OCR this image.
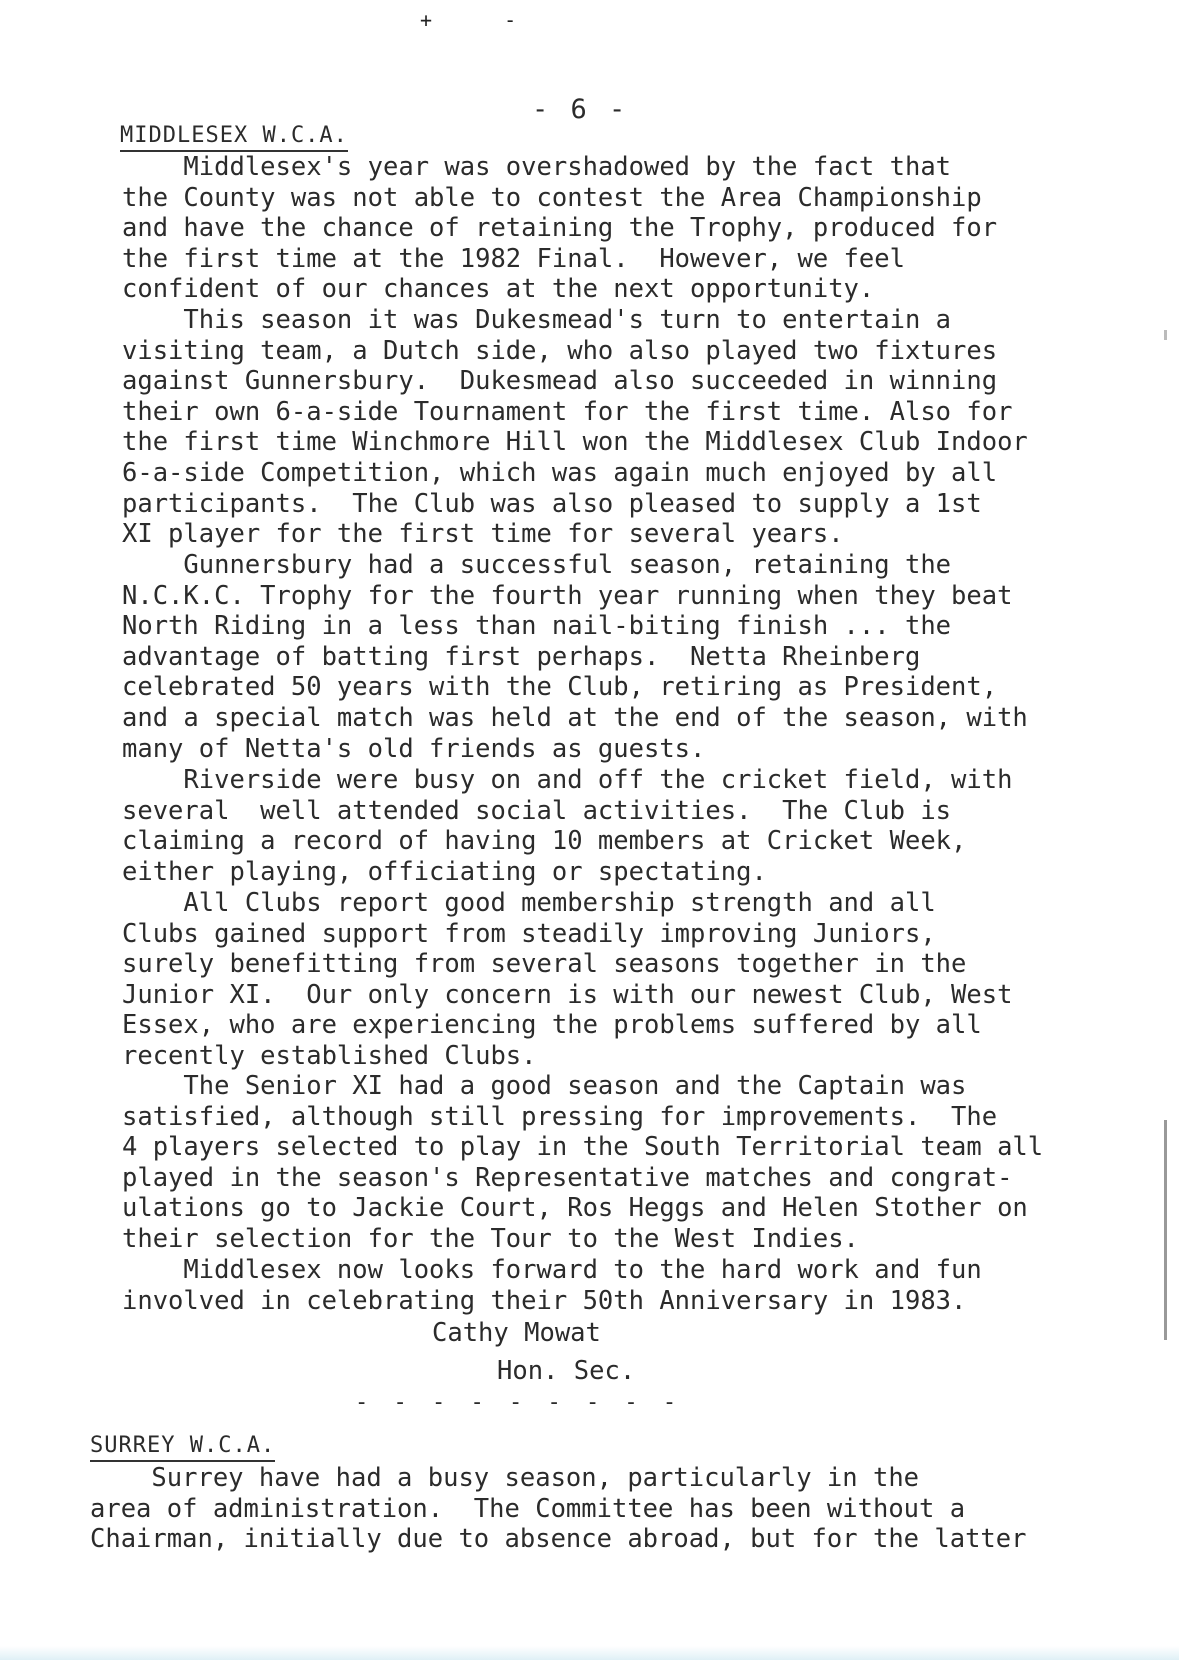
+ -
- 6 -
MIDDLESEX W.C.A.

Middlesex's year was overshadowed by the fact that
the County was not able to contest the Area Championship
and have the chance of retaining the Trophy, produced for
the first time at the 1982 Final.  However, we feel
confident of our chances at the next opportunity.

This season it was Dukesmead's turn to entertain a
visiting team, a Dutch side, who also played two fixtures
against Gunnersbury.  Dukesmead also succeeded in winning
their own 6-a-side Tournament for the first time. Also for
the first time Winchmore Hill won the Middlesex Club Indoor
6-a-side Competition, which was again much enjoyed by all
participants.  The Club was also pleased to supply a 1st
XI player for the first time for several years.

Gunnersbury had a successful season, retaining the
N.C.K.C. Trophy for the fourth year running when they beat
North Riding in a less than nail-biting finish ... the
advantage of batting first perhaps.  Netta Rheinberg
celebrated 50 years with the Club, retiring as President,
and a special match was held at the end of the season, with
many of Netta's old friends as guests.

Riverside were busy on and off the cricket field, with
several  well attended social activities.  The Club is
claiming a record of having 10 members at Cricket Week,
either playing, officiating or spectating.

All Clubs report good membership strength and all
Clubs gained support from steadily improving Juniors,
surely benefitting from several seasons together in the
Junior XI.  Our only concern is with our newest Club, West
Essex, who are experiencing the problems suffered by all
recently established Clubs.

The Senior XI had a good season and the Captain was
satisfied, although still pressing for improvements.  The
4 players selected to play in the South Territorial team all
played in the season's Representative matches and congrat-
ulations go to Jackie Court, Ros Heggs and Helen Stother on
their selection for the Tour to the West Indies.

Middlesex now looks forward to the hard work and fun
involved in celebrating their 50th Anniversary in 1983.

Cathy Mowat
Hon. Sec.
- - - - - - - - -
SURREY W.C.A.

Surrey have had a busy season, particularly in the
area of administration.  The Committee has been without a
Chairman, initially due to absence abroad, but for the latter
